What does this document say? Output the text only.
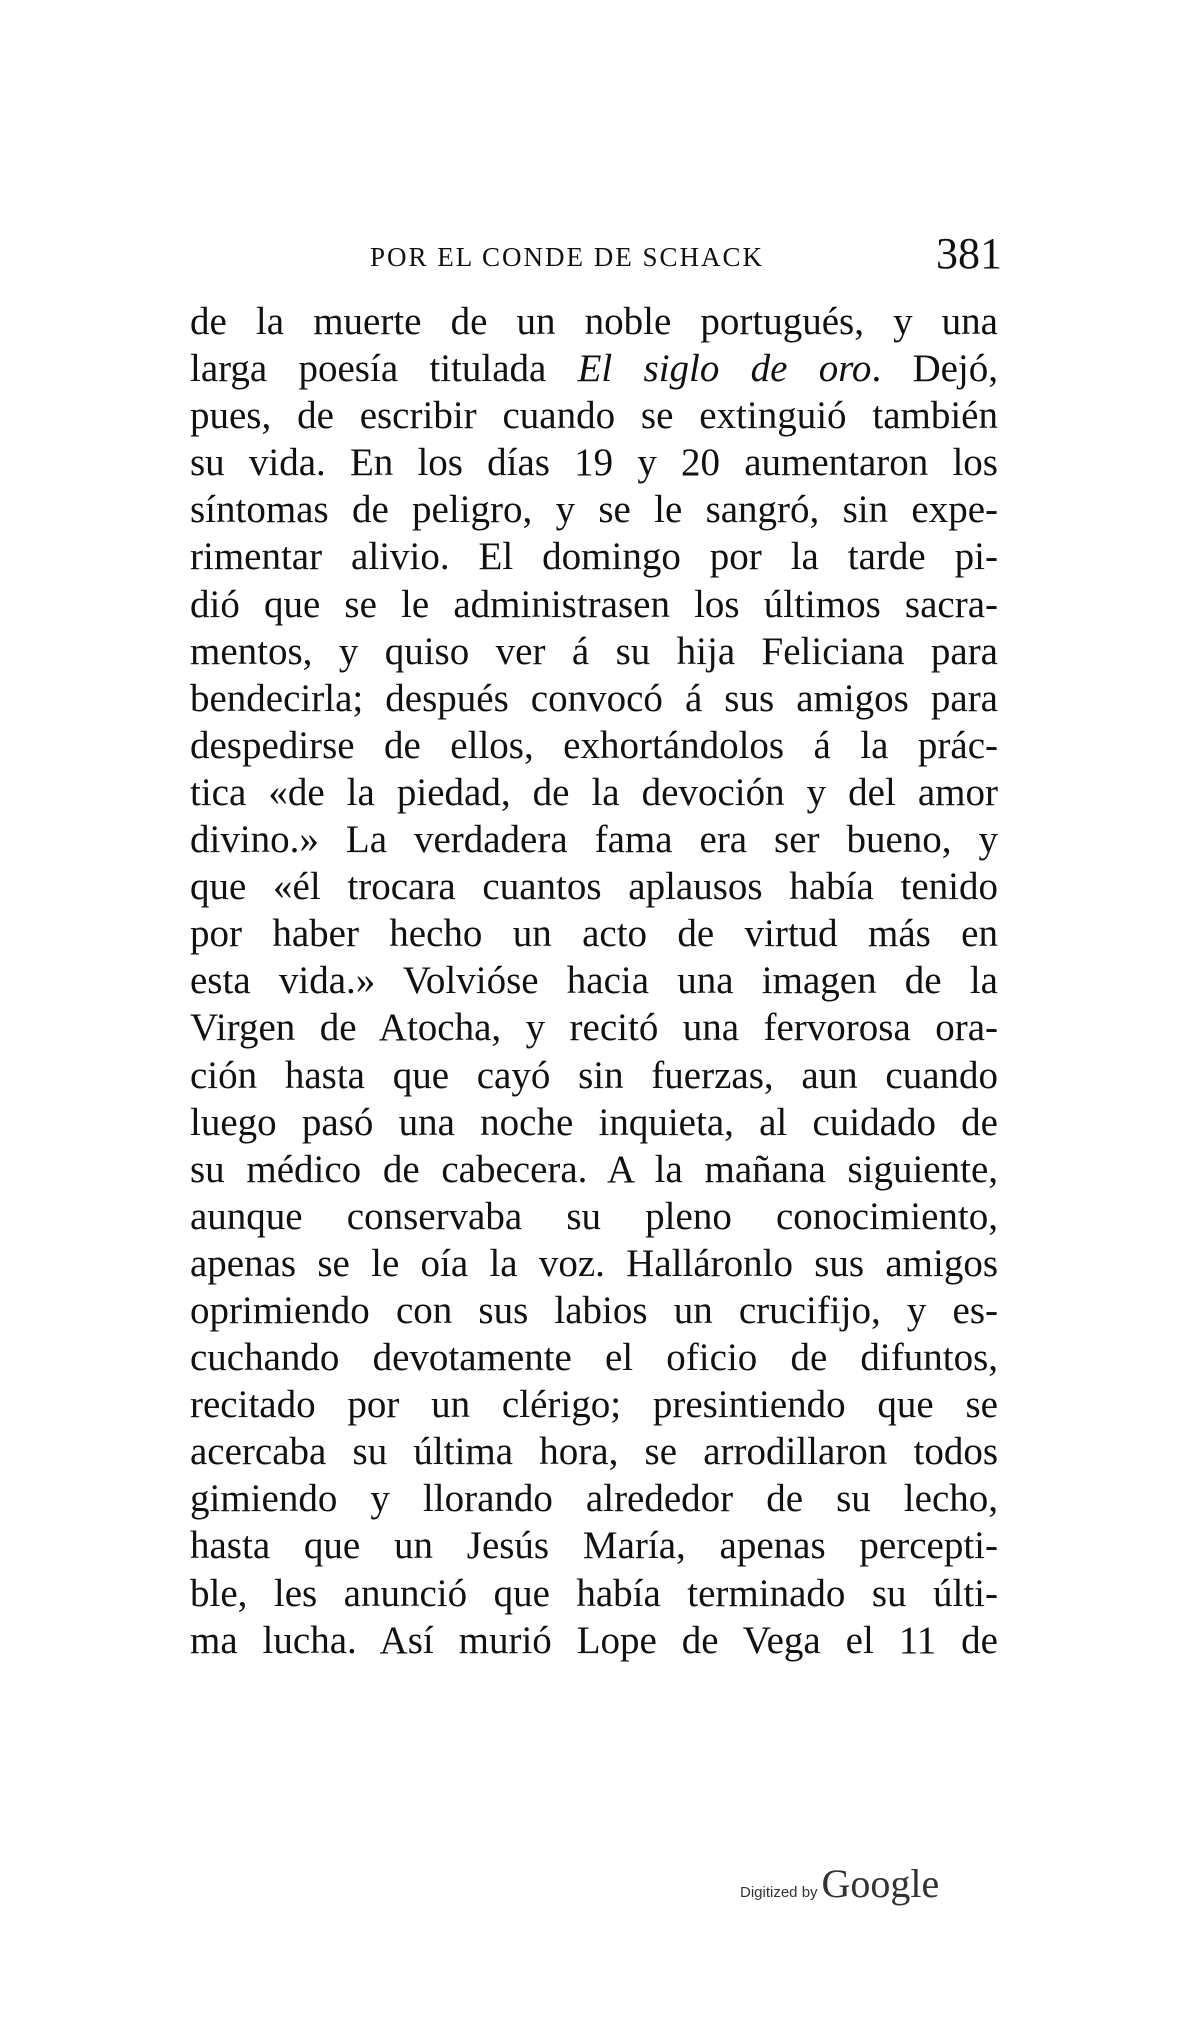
POR EL CONDE DE SCHACK	381
de la muerte de un noble portugués, y una
larga poesía titulada El siglo de oro. Dejó,
pues, de escribir cuando se extinguió también
su vida. En los días 19 y 20 aumentaron los
síntomas de peligro, y se le sangró, sin expe-
rimentar alivio. El domingo por la tarde pi-
dió que se le administrasen los últimos sacra-
mentos, y quiso ver á su hija Feliciana para
bendecirla; después convocó á sus amigos para
despedirse de ellos, exhortándolos á la prác-
tica «de la piedad, de la devoción y del amor
divino.» La verdadera fama era ser bueno, y
que «él trocara cuantos aplausos había tenido
por haber hecho un acto de virtud más en
esta vida.» Volvióse hacia una imagen de la
Virgen de Atocha, y recitó una fervorosa ora-
ción hasta que cayó sin fuerzas, aun cuando
luego pasó una noche inquieta, al cuidado de
su médico de cabecera. A la mañana siguiente,
aunque conservaba su pleno conocimiento,
apenas se le oía la voz. Halláronlo sus amigos
oprimiendo con sus labios un crucifijo, y es-
cuchando devotamente el oficio de difuntos,
recitado por un clérigo; presintiendo que se
acercaba su última hora, se arrodillaron todos
gimiendo y llorando alrededor de su lecho,
hasta que un Jesús María, apenas percepti-
ble, les anunció que había terminado su últi-
ma lucha. Así murió Lope de Vega el 11 de
Digitized by Google
